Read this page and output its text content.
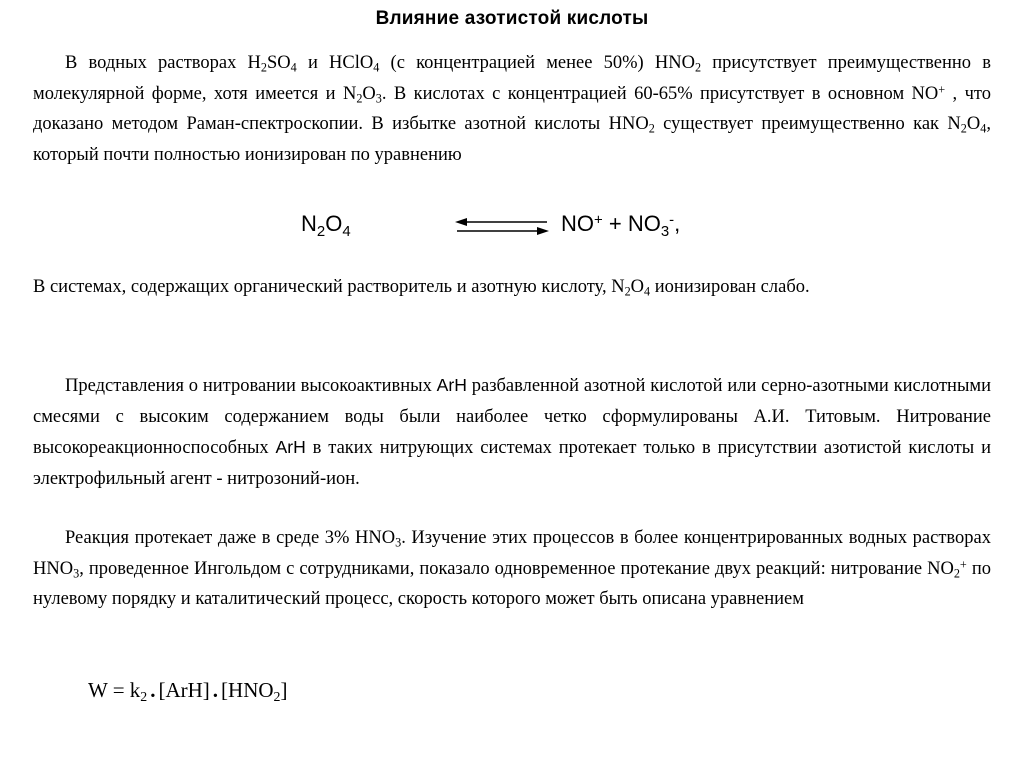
Влияние азотистой кислоты

В водных растворах $H_2SO_4$ и HClO$_4$ (с концентрацией менее 50%) $HNO_2$ присутствует преимущественно в молекулярной форме, хотя имеется и $N_2O_3$. В кислотах с концентрацией 60-65% присутствует в основном NO+ , что доказано методом Раман-спектроскопии. В избытке азотной кислоты $HNO_2$ существует преимущественно как $N_2O_4$, который почти полностью ионизирован по уравнению

$N_2O_4$	$NO^+ + NO_3^-$,

В системах, содержащих органический растворитель и азотную кислоту, $N_2O_4$ ионизирован слабо.

Представления о нитровании высокоактивных ArH разбавленной азотной кислотой или серно-азотными кислотными смесями с высоким содержанием воды были наиболее четко сформулированы А.И. Титовым. Нитрование высокореакционноспособных ArH в таких нитрующих системах протекает только в присутствии азотистой кислоты и электрофильный агент - нитрозоний-ион.

Реакция протекает даже в среде 3% $HNO_3$. Изучение этих процессов в более концентрированных водных растворах $HNO_3$, проведенное Ингольдом с сотрудниками, показало одновременное протекание двух реакций: нитрование $NO_2^+$ по нулевому порядку и каталитический процесс, скорость которого может быть описана уравнением

$W = k_2$ . [ArH] . $[HNO_2]$
